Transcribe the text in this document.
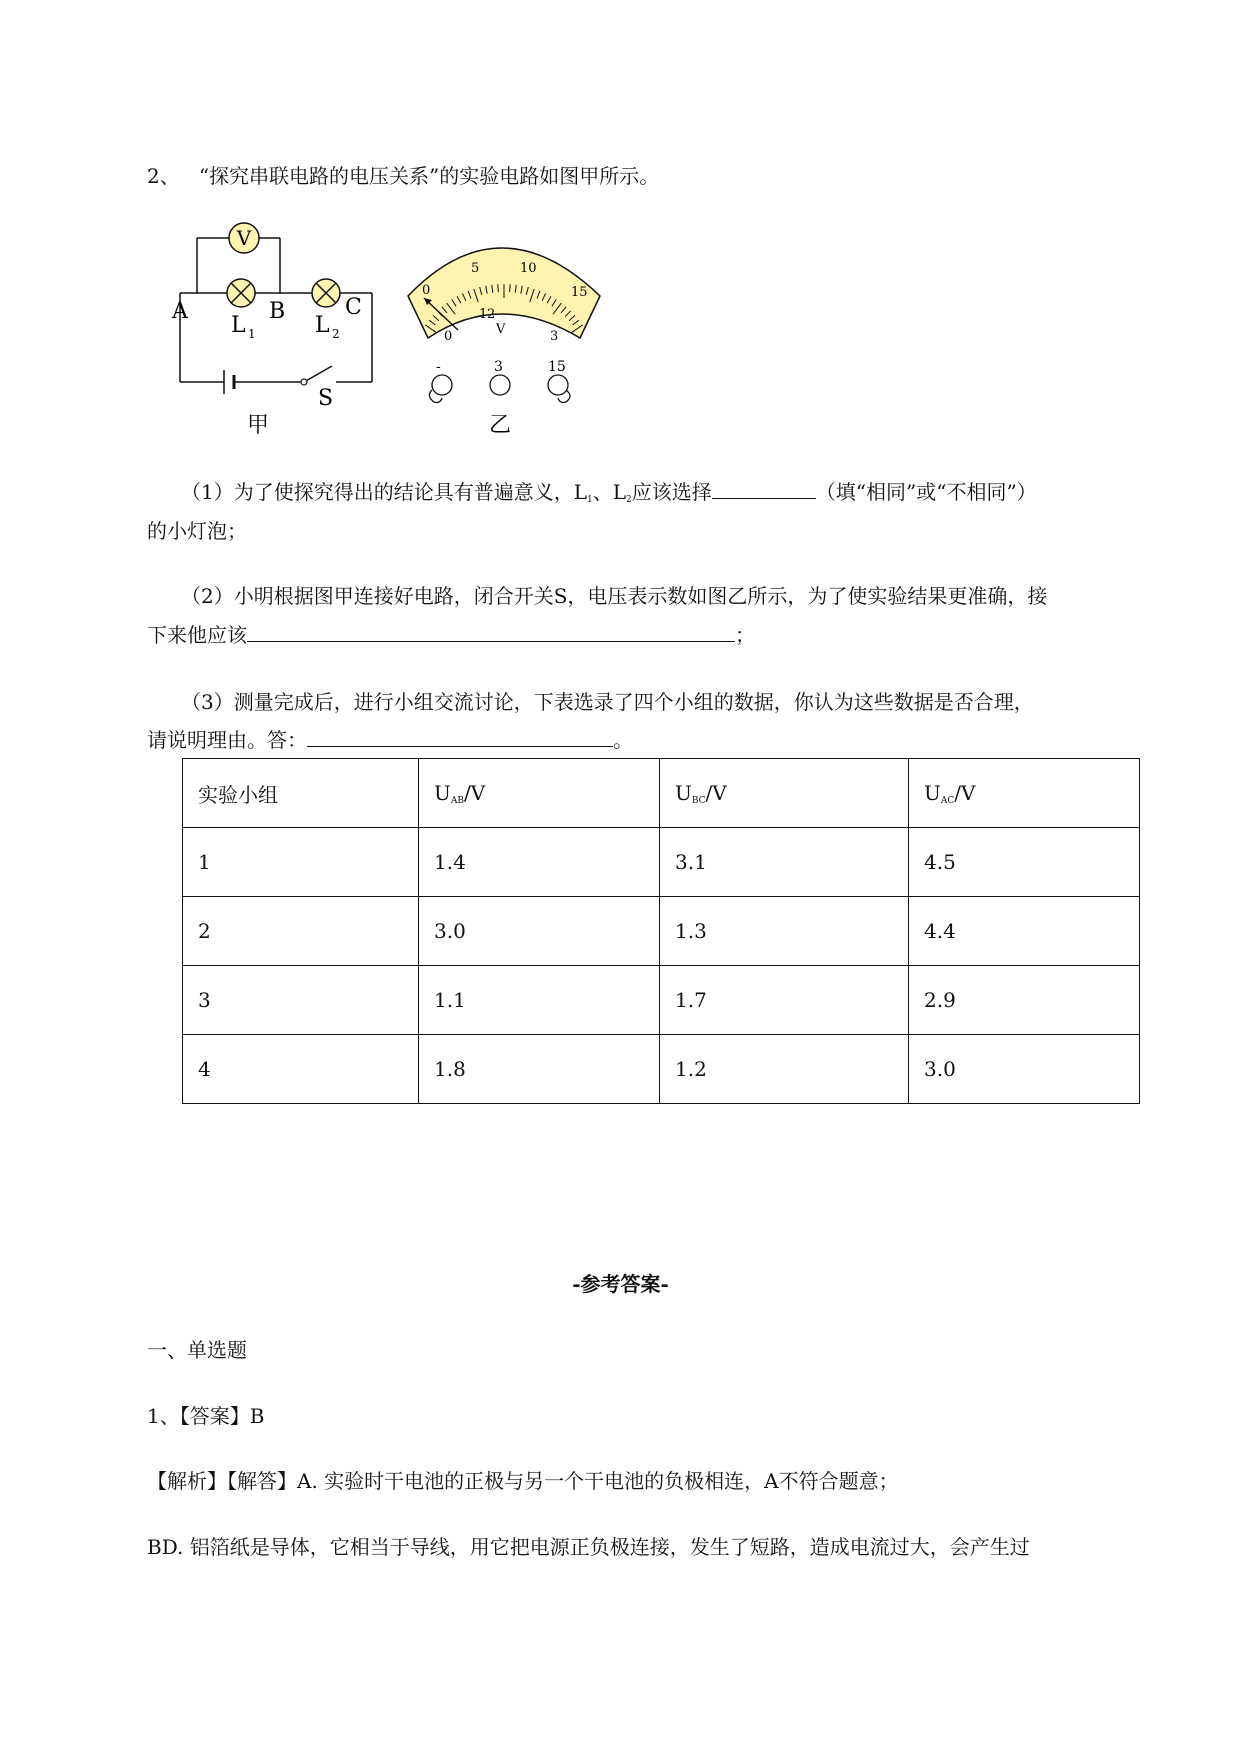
2、 “探究串联电路的电压关系”的实验电路如图甲所示。
V
A	B	C
L 1	L 2
S
甲
0
5	10
15
0
1 2
3
V
-	3	15
乙
（1）为了使探究得出的结论具有普遍意义，$L_1$、$L_2$应该选择	（填“相同”或“不相同”）
的小灯泡；
（2）小明根据图甲连接好电路，闭合开关S，电压表示数如图乙所示，为了使实验结果更准确，接
下来他应该	；
（3）测量完成后，进行小组交流讨论，下表选录了四个小组的数据，你认为这些数据是否合理，
请说明理由。答：	。
实验小组	$U_{AB}/V$	$U_{BC}/V$	$U_{AC}/V$
1	1.4	3.1	4.5
2	3.0	1.3	4.4
3	1.1	1.7	2.9
4	1.8	1.2	3.0
-参考答案-
一、单选题
1、【答案】B
【解析】【解答】A. 实验时干电池的正极与另一个干电池的负极相连，A不符合题意；
BD. 铝箔纸是导体，它相当于导线，用它把电源正负极连接，发生了短路，造成电流过大，会产生过
